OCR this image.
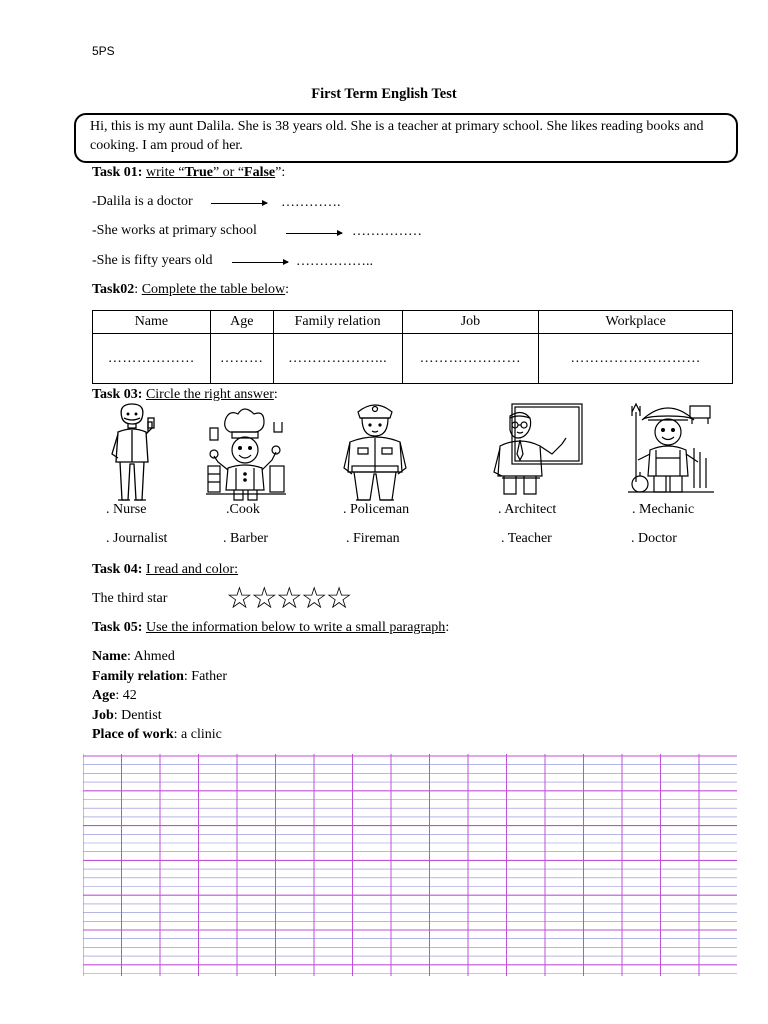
5PS
First Term English Test
Hi, this is my aunt Dalila. She is 38 years old. She is a teacher at primary school. She likes reading books and cooking. I am proud of her.
Task 01: write “True” or “False”:
-Dalila is a doctor	………….
-She works at primary school	……………
-She is fifty years old	……………..
Task02: Complete the table below:
Name	Age	Family relation	Job	Workplace
………………	………	………………...	…………………	………………………
Task 03: Circle the right answer:
. Nurse	.Cook	. Policeman	. Architect	. Mechanic
. Journalist	. Barber	. Fireman	. Teacher	. Doctor
Task 04: I read and color:
The third star ☆☆☆☆☆
Task 05: Use the information below to write a small paragraph:
Name: Ahmed
Family relation: Father
Age: 42
Job: Dentist
Place of work: a clinic
